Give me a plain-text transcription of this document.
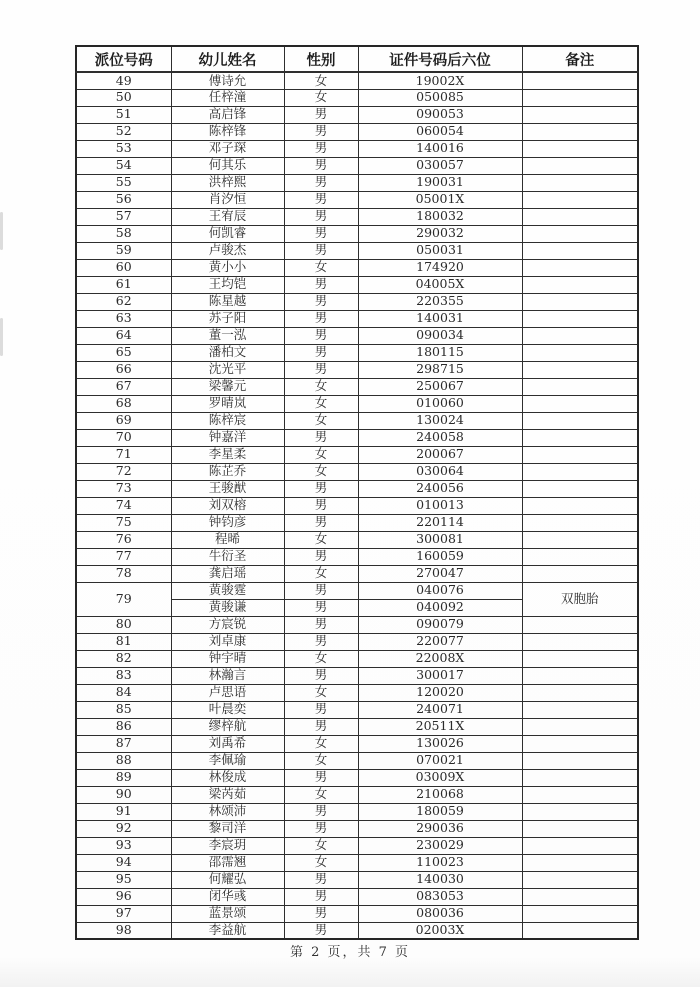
派位号码	幼儿姓名	性别	证件号码后六位	备注
49	傅诗允	女	19002X	
50	任梓潼	女	050085	
51	高启锋	男	090053	
52	陈梓锋	男	060054	
53	邓子琛	男	140016	
54	何其乐	男	030057	
55	洪梓熙	男	190031	
56	肖汐恒	男	05001X	
57	王宥辰	男	180032	
58	何凯睿	男	290032	
59	卢骏杰	男	050031	
60	黄小小	女	174920	
61	王均铠	男	04005X	
62	陈星越	男	220355	
63	苏子阳	男	140031	
64	董一泓	男	090034	
65	潘柏文	男	180115	
66	沈光平	男	298715	
67	梁馨元	女	250067	
68	罗晴岚	女	010060	
69	陈梓宸	女	130024	
70	钟嘉洋	男	240058	
71	李星柔	女	200067	
72	陈芷乔	女	030064	
73	王骏猷	男	240056	
74	刘双榕	男	010013	
75	钟钧彦	男	220114	
76	程晞	女	300081	
77	牛衍圣	男	160059	
78	龚启瑶	女	270047	
79	黄骏霆	男	040076	双胞胎
	黄骏谦	男	040092	
80	方宸锐	男	090079	
81	刘卓康	男	220077	
82	钟宇晴	女	22008X	
83	林瀚言	男	300017	
84	卢思语	女	120020	
85	叶晨奕	男	240071	
86	缪梓航	男	20511X	
87	刘禹希	女	130026	
88	李佩瑜	女	070021	
89	林俊成	男	03009X	
90	梁芮茹	女	210068	
91	林颂沛	男	180059	
92	黎司洋	男	290036	
93	李宸玥	女	230029	
94	邵霈翘	女	110023	
95	何耀弘	男	140030	
96	闭华彧	男	083053	
97	蓝景颂	男	080036	
98	李益航	男	02003X	
第 2 页，共 7 页
